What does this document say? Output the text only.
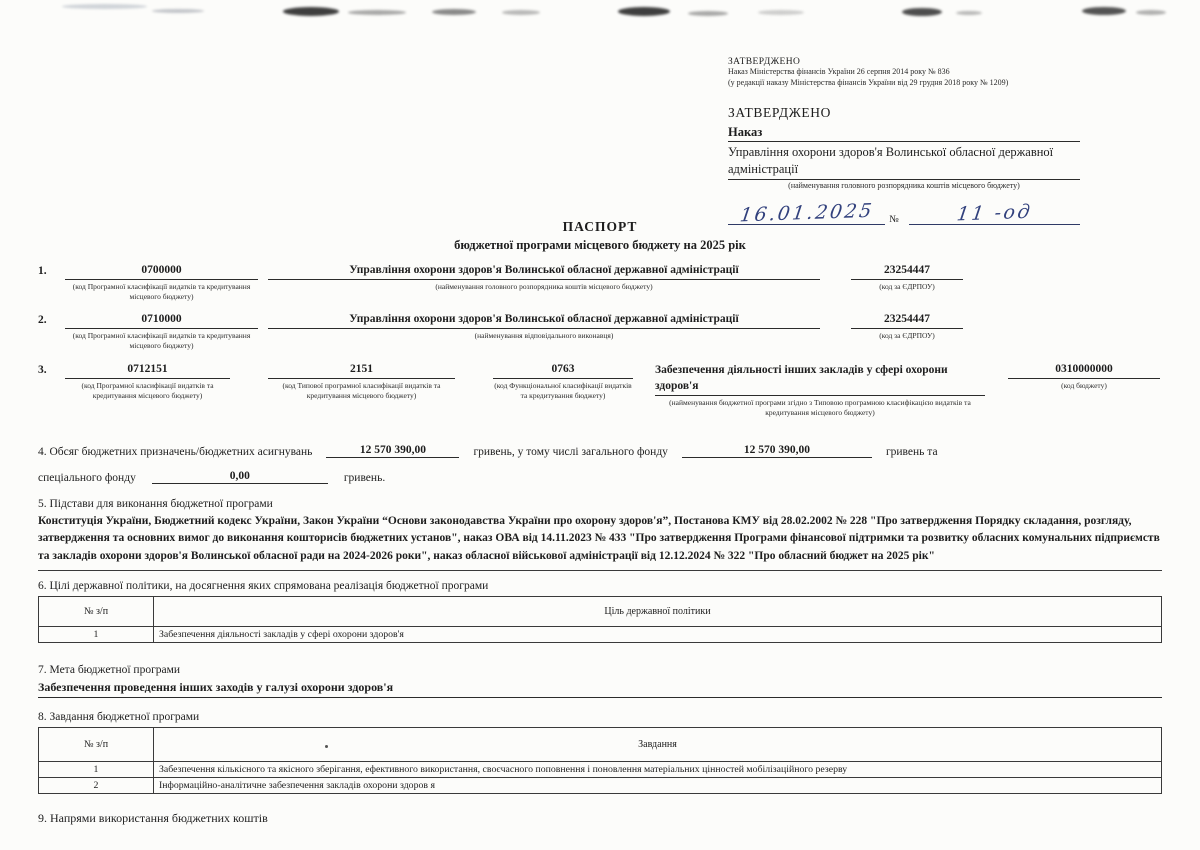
ЗАТВЕРДЖЕНО
Наказ Міністерства фінансів України 26 серпня 2014 року № 836
(у редакції наказу Міністерства фінансів України від 29 грудня 2018 року № 1209)
ЗАТВЕРДЖЕНО
Наказ
Управління охорони здоров'я Волинської обласної державної адміністрації
(найменування головного розпорядника коштів місцевого бюджету)
16.01.2025	№	11 -од
ПАСПОРТ
бюджетної програми місцевого бюджету на 2025 рік
1.	0700000
(код Програмної класифікації видатків та кредитування місцевого бюджету)
Управління охорони здоров'я Волинської обласної державної адміністрації
(найменування головного розпорядника коштів місцевого бюджету)
23254447
(код за ЄДРПОУ)
2.	0710000
(код Програмної класифікації видатків та кредитування місцевого бюджету)
Управління охорони здоров'я Волинської обласної державної адміністрації
(найменування відповідального виконавця)
23254447
(код за ЄДРПОУ)
3.	0712151
(код Програмної класифікації видатків та кредитування місцевого бюджету)
2151
(код Типової програмної класифікації видатків та кредитування місцевого бюджету)
0763
(код Функціональної класифікації видатків та кредитування бюджету)
Забезпечення діяльності інших закладів у сфері охорони здоров'я
(найменування бюджетної програми згідно з Типовою програмною класифікацією видатків та кредитування місцевого бюджету)
0310000000
(код бюджету)
4. Обсяг бюджетних призначень/бюджетних асигнувань	12 570 390,00	гривень, у тому числі загального фонду	12 570 390,00	гривень та
спеціального фонду	0,00	гривень.
5. Підстави для виконання бюджетної програми
Конституція України, Бюджетний кодекс України, Закон України “Основи законодавства України про охорону здоров'я”, Постанова КМУ від 28.02.2002 № 228 "Про затвердження Порядку складання, розгляду, затвердження та основних вимог до виконання кошторисів бюджетних установ", наказ ОВА від 14.11.2023 № 433 "Про затвердження Програми фінансової підтримки та розвитку обласних комунальних підприємств та закладів охорони здоров'я Волинської обласної ради на 2024-2026 роки", наказ обласної військової адміністрації від 12.12.2024 № 322 "Про обласний бюджет на 2025 рік"
6. Цілі державної політики, на досягнення яких спрямована реалізація бюджетної програми
№ з/п	Ціль державної політики
1	Забезпечення діяльності закладів у сфері охорони здоров'я
7. Мета бюджетної програми
Забезпечення проведення інших заходів у галузі охорони здоров'я
8. Завдання бюджетної програми
№ з/п	Завдання
1	Забезпечення кількісного та якісного зберігання, ефективного використання, своєчасного поповнення і поновлення матеріальних цінностей мобілізаційного резерву
2	Інформаційно-аналітичне забезпечення закладів охорони здоров я
9. Напрями використання бюджетних коштів
